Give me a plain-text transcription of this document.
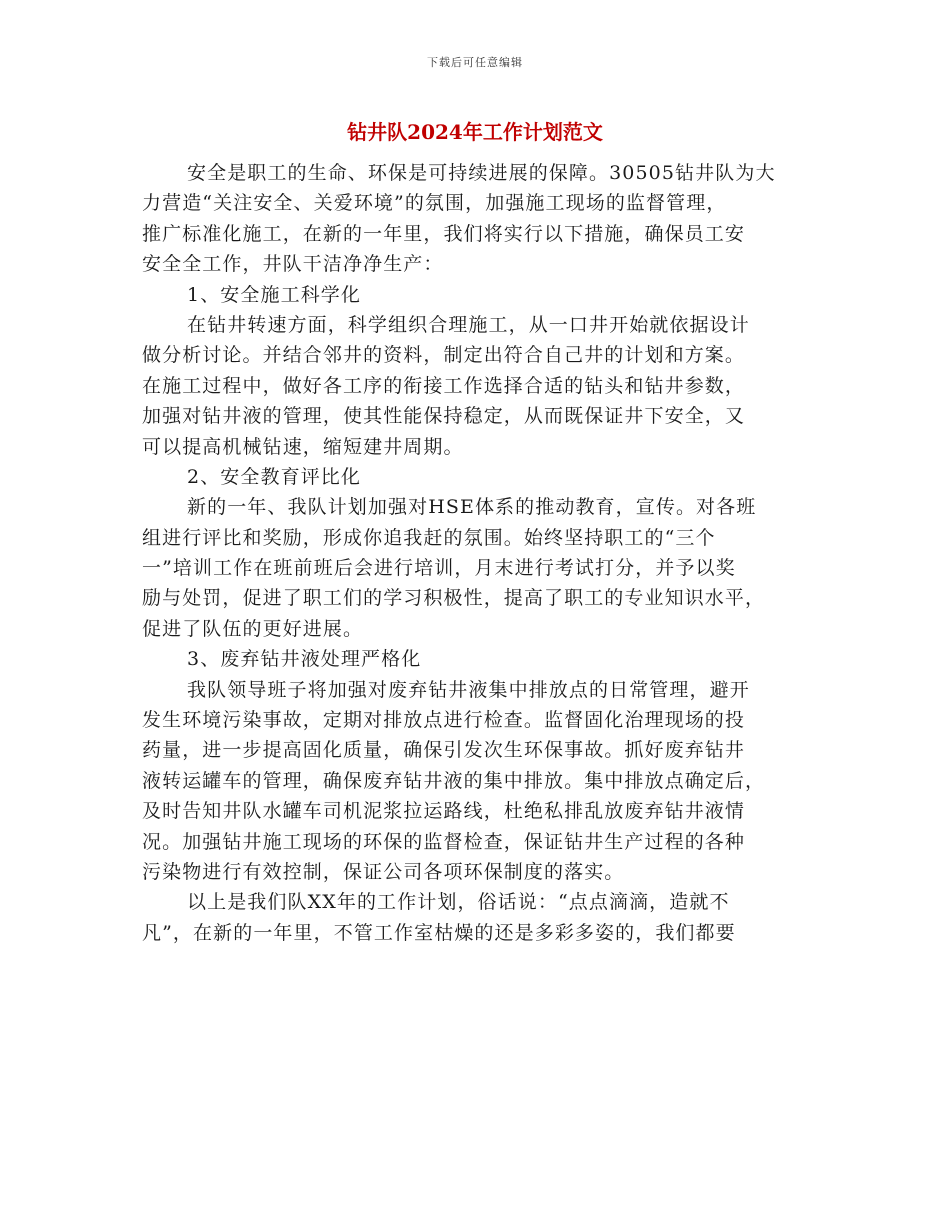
下载后可任意编辑
钻井队2024年工作计划范文
安全是职工的生命、环保是可持续进展的保障。30505钻井队为大
力营造“关注安全、关爱环境”的氛围，加强施工现场的监督管理，
推广标准化施工，在新的一年里，我们将实行以下措施，确保员工安
安全全工作，井队干洁净净生产：
1、安全施工科学化
在钻井转速方面，科学组织合理施工，从一口井开始就依据设计
做分析讨论。并结合邻井的资料，制定出符合自己井的计划和方案。
在施工过程中，做好各工序的衔接工作选择合适的钻头和钻井参数，
加强对钻井液的管理，使其性能保持稳定，从而既保证井下安全，又
可以提高机械钻速，缩短建井周期。
2、安全教育评比化
新的一年、我队计划加强对HSE体系的推动教育，宣传。对各班
组进行评比和奖励，形成你追我赶的氛围。始终坚持职工的“三个
一”培训工作在班前班后会进行培训，月末进行考试打分，并予以奖
励与处罚，促进了职工们的学习积极性，提高了职工的专业知识水平，
促进了队伍的更好进展。
3、废弃钻井液处理严格化
我队领导班子将加强对废弃钻井液集中排放点的日常管理，避开
发生环境污染事故，定期对排放点进行检查。监督固化治理现场的投
药量，进一步提高固化质量，确保引发次生环保事故。抓好废弃钻井
液转运罐车的管理，确保废弃钻井液的集中排放。集中排放点确定后，
及时告知井队水罐车司机泥浆拉运路线，杜绝私排乱放废弃钻井液情
况。加强钻井施工现场的环保的监督检查，保证钻井生产过程的各种
污染物进行有效控制，保证公司各项环保制度的落实。
以上是我们队XX年的工作计划，俗话说：“点点滴滴，造就不
凡”，在新的一年里，不管工作室枯燥的还是多彩多姿的，我们都要
